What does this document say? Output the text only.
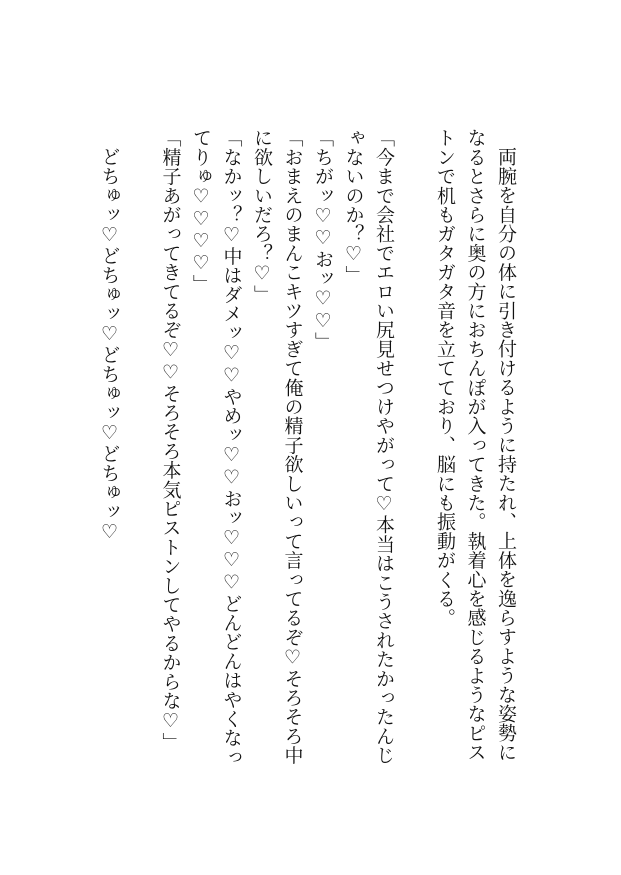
両腕を自分の体に引き付けるように持たれ、上体を逸らすような姿勢になるとさらに奥の方におちんぽが入ってきた。執着心を感じるようなピストンで机もガタガタ音を立てており、脳にも振動がくる。

「今まで会社でエロい尻見せつけやがって♡本当はこうされたかったんじゃないのか？♡」

「ちがッ♡♡おッ♡♡」

「おまえのまんこキツすぎて俺の精子欲しいって言ってるぞ♡そろそろ中に欲しいだろ？♡」

「なかッ？♡中はダメッ♡♡やめッ♡♡おッ♡♡♡どんどんはやくなってりゅ♡♡♡♡」

「精子あがってきてるぞ♡♡そろそろ本気ピストンしてやるからな♡」

どちゅッ♡どちゅッ♡どちゅッ♡どちゅッ♡
